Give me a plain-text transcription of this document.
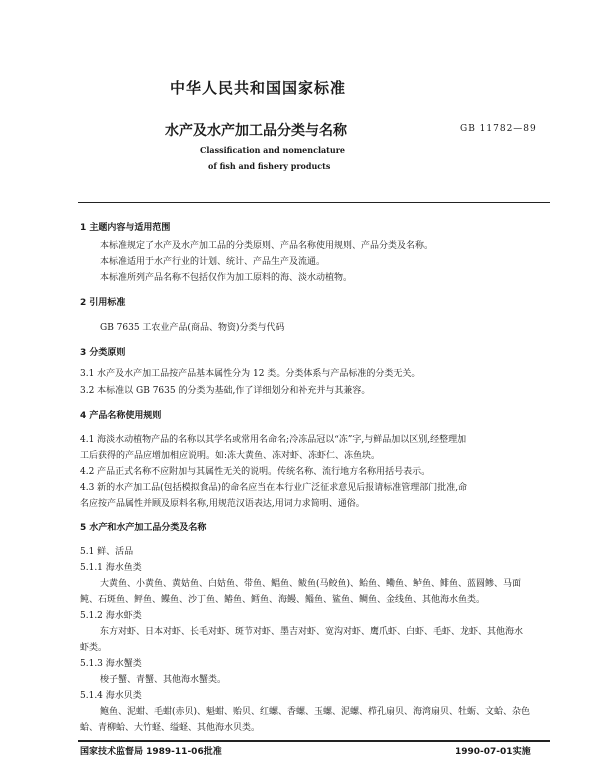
中华人民共和国国家标准
水产及水产加工品分类与名称	GB 11782—89
Classification and nomenclature
of fish and fishery products
1 主题内容与适用范围
本标准规定了水产及水产加工品的分类原则、产品名称使用规则、产品分类及名称。
本标准适用于水产行业的计划、统计、产品生产及流通。
本标准所列产品名称不包括仅作为加工原料的海、淡水动植物。
2 引用标准
GB 7635 工农业产品(商品、物资)分类与代码
3 分类原则
3.1 水产及水产加工品按产品基本属性分为 12 类。分类体系与产品标准的分类无关。
3.2 本标准以 GB 7635 的分类为基础,作了详细划分和补充并与其兼容。
4 产品名称使用规则
4.1 海淡水动植物产品的名称以其学名或常用名命名;冷冻品冠以“冻”字,与鲜品加以区别,经整理加
工后获得的产品应增加相应说明。如:冻大黄鱼、冻对虾、冻虾仁、冻鱼块。
4.2 产品正式名称不应附加与其属性无关的说明。传统名称、流行地方名称用括号表示。
4.3 新的水产加工品(包括模拟食品)的命名应当在本行业广泛征求意见后报请标准管理部门批准,命
名应按产品属性并顾及原料名称,用规范汉语表达,用词力求简明、通俗。
5 水产和水产加工品分类及名称
5.1 鲜、活品
5.1.1 海水鱼类
大黄鱼、小黄鱼、黄姑鱼、白姑鱼、带鱼、鲳鱼、鲅鱼(马鲛鱼)、鲐鱼、鳓鱼、鲈鱼、鲱鱼、蓝圆鲹、马面
鲀、石斑鱼、鲆鱼、鲽鱼、沙丁鱼、䲠鱼、鳕鱼、海鳗、鲻鱼、鲨鱼、鲷鱼、金线鱼、其他海水鱼类。
5.1.2 海水虾类
东方对虾、日本对虾、长毛对虾、斑节对虾、墨吉对虾、宽沟对虾、鹰爪虾、白虾、毛虾、龙虾、其他海水
虾类。
5.1.3 海水蟹类
梭子蟹、青蟹、其他海水蟹类。
5.1.4 海水贝类
鲍鱼、泥蚶、毛蚶(赤贝)、魁蚶、贻贝、红螺、香螺、玉螺、泥螺、栉孔扇贝、海湾扇贝、牡蛎、文蛤、杂色
蛤、青柳蛤、大竹蛏、缢蛏、其他海水贝类。
国家技术监督局 1989-11-06批准	1990-07-01实施
